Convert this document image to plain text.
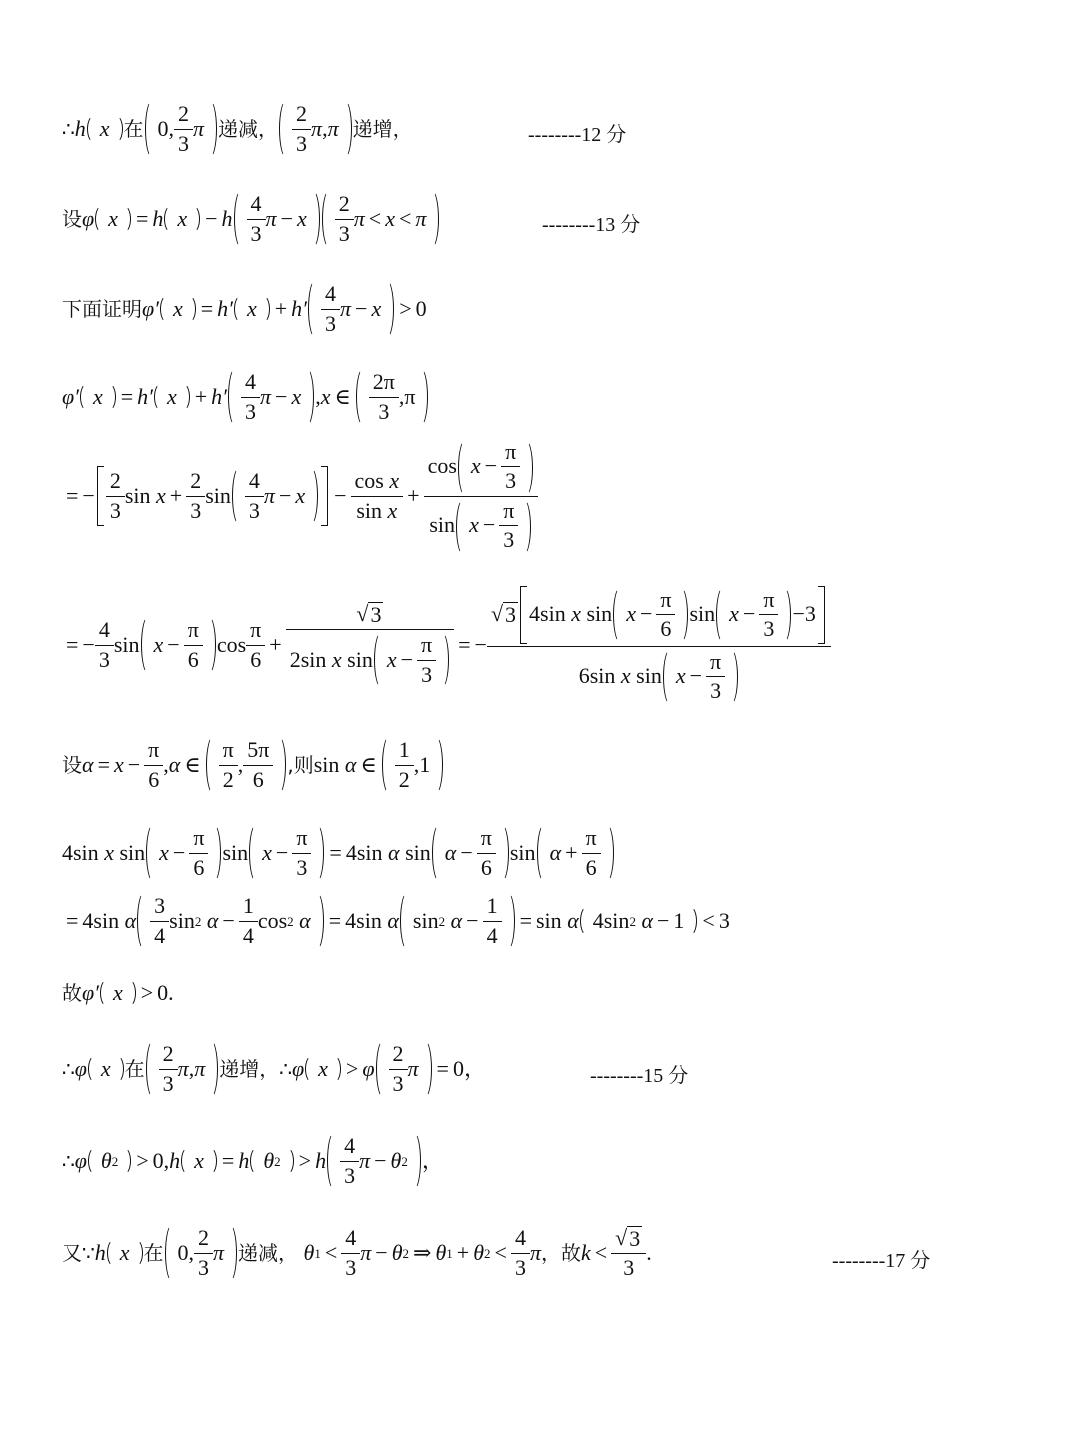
∴ h x 在 0, $\frac{2}{3}$ π 递减， $\frac{2}{3}$ π , π 递增，	--------12 分
设 φ x = h x − h $\frac{4}{3}$ π − x $\frac{2}{3}$ π < x < π	--------13 分
下面证明 φ′ x = h′ $x + h' \frac{4}{3}$ π − x > 0
φ′ x = h′ $x + h' \frac{4}{3}$ π − x , x ∈ $\frac{2\pi}{3} ,\pi$
= − $\frac{2}{3}$ $\sin x + \frac{2}{3}$ $\sin \frac{4}{3}$ $\pi - x - \frac{\text{cos x}}{\text{sin x}} + \frac{\cos x - \frac{\pi}{3}}{\sin x - \frac{\pi}{3}}$
= − $\frac{4}{3}$ $\sin x - \frac{\pi}{6}$ $\cos \frac{\pi}{6} + \frac{√ 3}{2\sin x \sin x - \frac{\pi}{3}}$ = − $\frac{√ 3 4\sin x \sin x - \frac{\pi}{6} \sin x - \frac{\pi}{3} -3}{6\sin x \sin x - \frac{\pi}{3}}$
设 $\alpha = x - \frac{\pi}{6}$ , α ∈ $\frac{\pi}{2}$ , $\frac{5\pi}{6}$ ,则 sin α ∈ $\frac{1}{2} ,1$
4sin x $\sin x - \frac{\pi}{6}$ $\sin x - \frac{\pi}{3} = 4\sin$ α $\sin \alpha - \frac{\pi}{6}$ $\sin \alpha + \frac{\pi}{6}$
= 4sin α $\frac{3}{4}$ sin 2 $\alpha - \frac{1}{4}$ cos 2 α = 4sin α sin 2 $\alpha - \frac{1}{4} = \sin \alpha$ 4sin 2 α − 1 < 3
故 φ′ x > 0.
∴ φ x 在 $\frac{2}{3}$ π , π 递增， ∴ φ x > φ $\frac{2}{3}$ π = 0，	--------15 分
∴ φ θ 2 > 0, h x = h θ 2 > h $\frac{4}{3}$ π − θ 2 ，
又∵ h x 在 0, $\frac{2}{3}$ π 递减， θ $1 < \frac{4}{3}$ π − θ 2 ⇒ θ 1 + θ $2 < \frac{4}{3}$ π ，故 $k < \frac{√ 3}{3}$ .	--------17 分
